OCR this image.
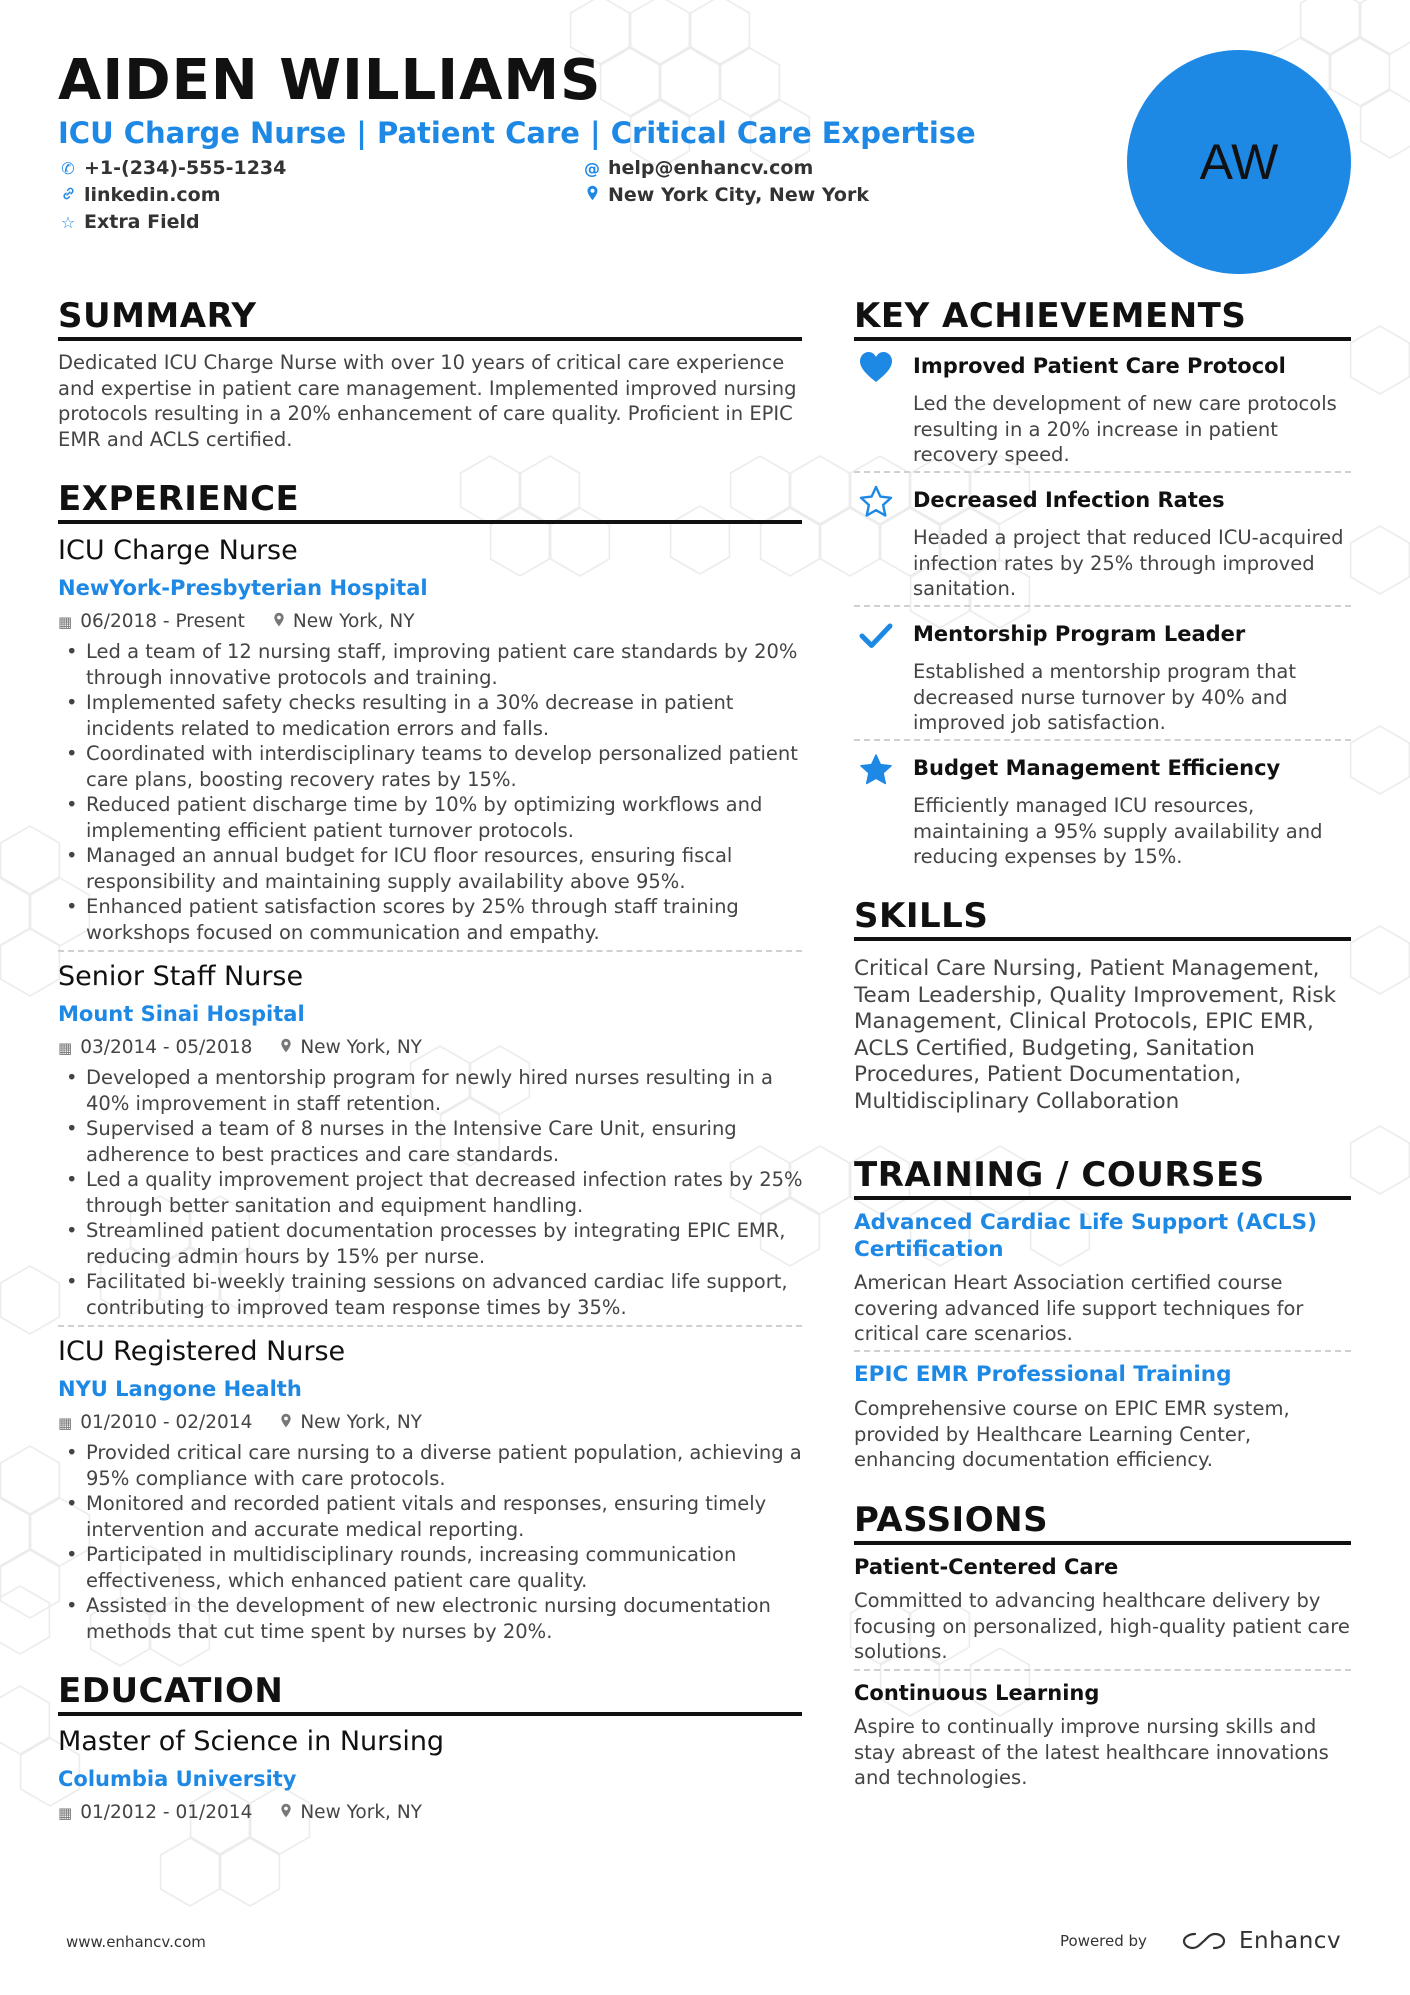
AIDEN WILLIAMS
ICU Charge Nurse | Patient Care | Critical Care Expertise
✆ +1-(234)-555-1234	@ help@enhancv.com
linkedin.com	New York City, New York
☆ Extra Field
AW
SUMMARY
Dedicated ICU Charge Nurse with over 10 years of critical care experience and expertise in patient care management. Implemented improved nursing protocols resulting in a 20% enhancement of care quality. Proficient in EPIC EMR and ACLS certified.
EXPERIENCE
ICU Charge Nurse
NewYork-Presbyterian Hospital
▦ 06/2018 - Present	New York, NY
• Led a team of 12 nursing staff, improving patient care standards by 20% through innovative protocols and training.
• Implemented safety checks resulting in a 30% decrease in patient incidents related to medication errors and falls.
• Coordinated with interdisciplinary teams to develop personalized patient care plans, boosting recovery rates by 15%.
• Reduced patient discharge time by 10% by optimizing workflows and implementing efficient patient turnover protocols.
• Managed an annual budget for ICU floor resources, ensuring fiscal responsibility and maintaining supply availability above 95%.
• Enhanced patient satisfaction scores by 25% through staff training workshops focused on communication and empathy.
Senior Staff Nurse
Mount Sinai Hospital
▦ 03/2014 - 05/2018	New York, NY
• Developed a mentorship program for newly hired nurses resulting in a 40% improvement in staff retention.
• Supervised a team of 8 nurses in the Intensive Care Unit, ensuring adherence to best practices and care standards.
• Led a quality improvement project that decreased infection rates by 25% through better sanitation and equipment handling.
• Streamlined patient documentation processes by integrating EPIC EMR, reducing admin hours by 15% per nurse.
• Facilitated bi-weekly training sessions on advanced cardiac life support, contributing to improved team response times by 35%.
ICU Registered Nurse
NYU Langone Health
▦ 01/2010 - 02/2014	New York, NY
• Provided critical care nursing to a diverse patient population, achieving a 95% compliance with care protocols.
• Monitored and recorded patient vitals and responses, ensuring timely intervention and accurate medical reporting.
• Participated in multidisciplinary rounds, increasing communication effectiveness, which enhanced patient care quality.
• Assisted in the development of new electronic nursing documentation methods that cut time spent by nurses by 20%.
EDUCATION
Master of Science in Nursing
Columbia University
▦ 01/2012 - 01/2014	New York, NY
KEY ACHIEVEMENTS
Improved Patient Care Protocol
Led the development of new care protocols resulting in a 20% increase in patient recovery speed.
Decreased Infection Rates
Headed a project that reduced ICU-acquired infection rates by 25% through improved sanitation.
Mentorship Program Leader
Established a mentorship program that decreased nurse turnover by 40% and improved job satisfaction.
Budget Management Efficiency
Efficiently managed ICU resources, maintaining a 95% supply availability and reducing expenses by 15%.
SKILLS
Critical Care Nursing, Patient Management, Team Leadership, Quality Improvement, Risk Management, Clinical Protocols, EPIC EMR, ACLS Certified, Budgeting, Sanitation Procedures, Patient Documentation, Multidisciplinary Collaboration
TRAINING / COURSES
Advanced Cardiac Life Support (ACLS) Certification
American Heart Association certified course covering advanced life support techniques for critical care scenarios.
EPIC EMR Professional Training
Comprehensive course on EPIC EMR system, provided by Healthcare Learning Center, enhancing documentation efficiency.
PASSIONS
Patient-Centered Care
Committed to advancing healthcare delivery by focusing on personalized, high-quality patient care solutions.
Continuous Learning
Aspire to continually improve nursing skills and stay abreast of the latest healthcare innovations and technologies.
www.enhancv.com	Powered by	Enhancv
